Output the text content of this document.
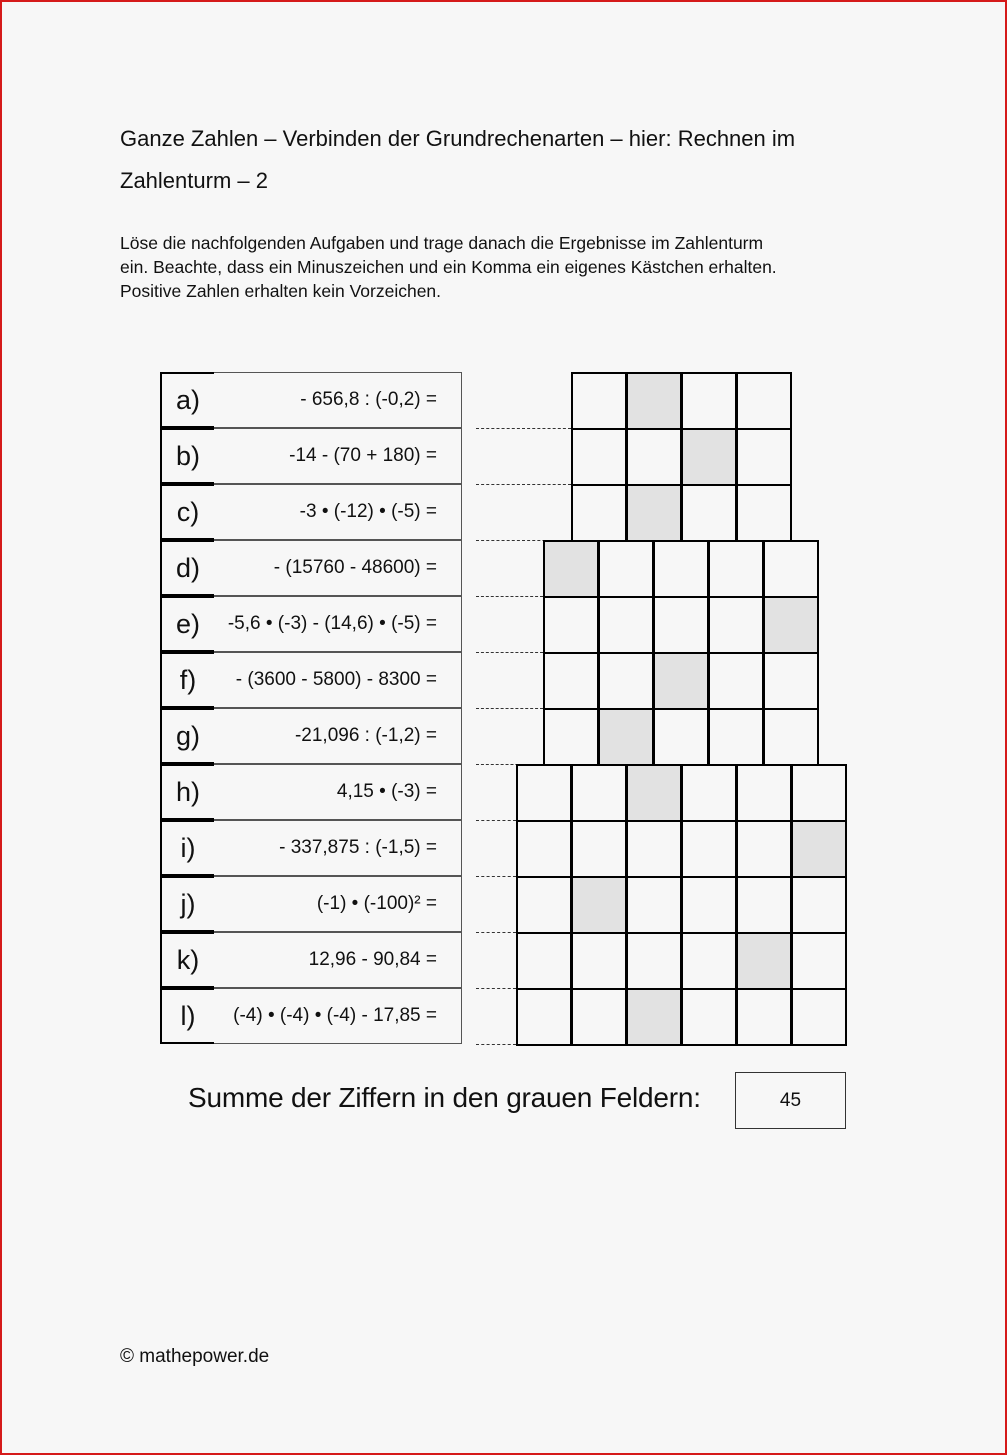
Ganze Zahlen – Verbinden der Grundrechenarten – hier: Rechnen im
Zahlenturm – 2
Löse die nachfolgenden Aufgaben und trage danach die Ergebnisse im Zahlenturm
ein. Beachte, dass ein Minuszeichen und ein Komma ein eigenes Kästchen erhalten.
Positive Zahlen erhalten kein Vorzeichen.
a)	- 656,8 : (-0,2) =
b)	-14 - (70 + 180) =
c)	-3 • (-12) • (-5) =
d)	- (15760 - 48600) =
e)	-5,6 • (-3) - (14,6) • (-5) =
f)	- (3600 - 5800) - 8300 =
g)	-21,096 : (-1,2) =
h)	4,15 • (-3) =
i)	- 337,875 : (-1,5) =
j)	(-1) • (-100)² =
k)	12,96 - 90,84 =
l)	(-4) • (-4) • (-4) - 17,85 =
Summe der Ziffern in den grauen Feldern:	45
© mathepower.de
